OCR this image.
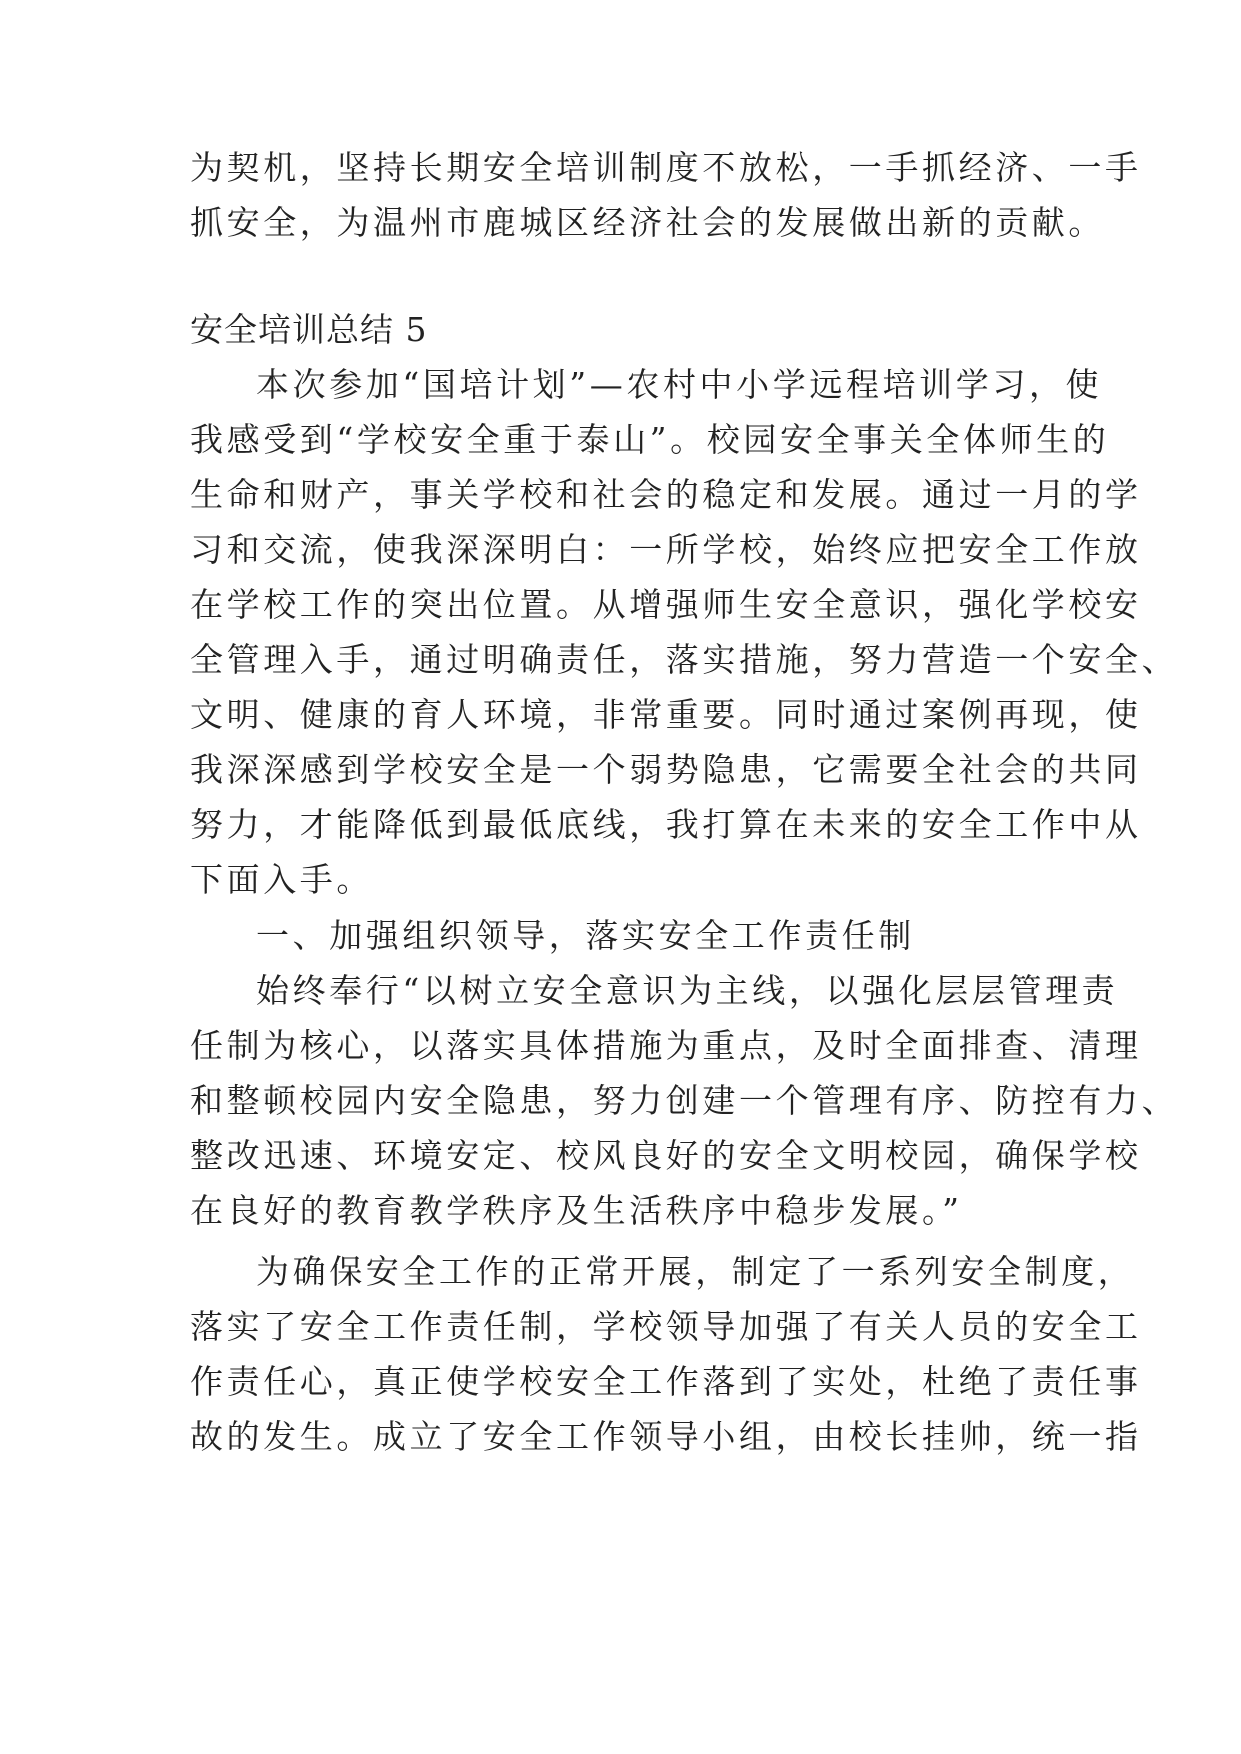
为契机，坚持长期安全培训制度不放松，一手抓经济、一手
抓安全，为温州市鹿城区经济社会的发展做出新的贡献。
安全培训总结 5
本次参加“国培计划”—农村中小学远程培训学习，使
我感受到“学校安全重于泰山”。校园安全事关全体师生的
生命和财产，事关学校和社会的稳定和发展。通过一月的学
习和交流，使我深深明白：一所学校，始终应把安全工作放
在学校工作的突出位置。从增强师生安全意识，强化学校安
全管理入手，通过明确责任，落实措施，努力营造一个安全、
文明、健康的育人环境，非常重要。同时通过案例再现，使
我深深感到学校安全是一个弱势隐患，它需要全社会的共同
努力，才能降低到最低底线，我打算在未来的安全工作中从
下面入手。
一、加强组织领导，落实安全工作责任制
始终奉行“以树立安全意识为主线，以强化层层管理责
任制为核心，以落实具体措施为重点，及时全面排查、清理
和整顿校园内安全隐患，努力创建一个管理有序、防控有力、
整改迅速、环境安定、校风良好的安全文明校园，确保学校
在良好的教育教学秩序及生活秩序中稳步发展。”
为确保安全工作的正常开展，制定了一系列安全制度，
落实了安全工作责任制，学校领导加强了有关人员的安全工
作责任心，真正使学校安全工作落到了实处，杜绝了责任事
故的发生。成立了安全工作领导小组，由校长挂帅，统一指
